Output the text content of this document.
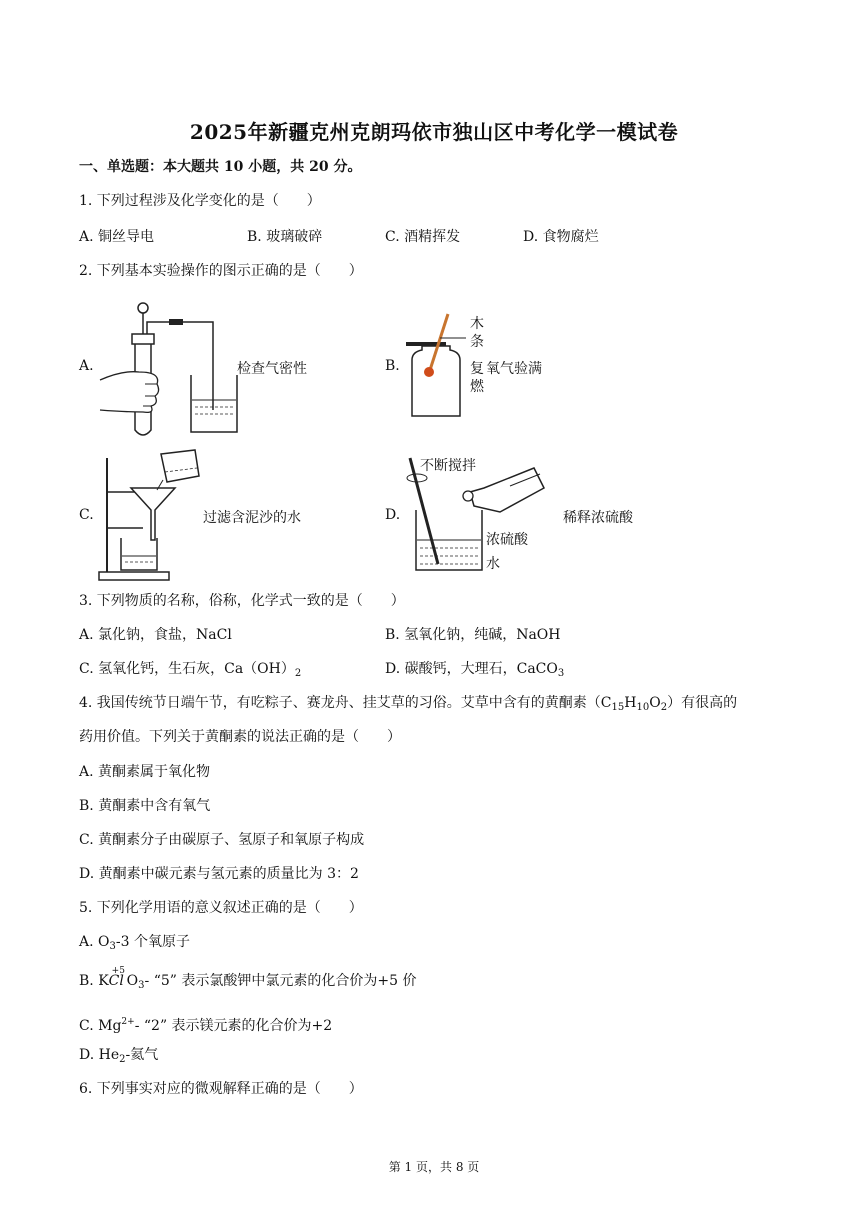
2025年新疆克州克朗玛依市独山区中考化学一模试卷
一、单选题：本大题共 10 小题，共 20 分。
1. 下列过程涉及化学变化的是（　　）
A. 铜丝导电	B. 玻璃破碎	C. 酒精挥发	D. 食物腐烂
2. 下列基本实验操作的图示正确的是（　　）
A.	检查气密性	B.
木
条
复
燃
氧气验满
C.	过滤含泥沙的水	D.
不断搅拌
稀释浓硫酸
浓硫酸
水
3. 下列物质的名称，俗称，化学式一致的是（　　）
A. 氯化钠，食盐，NaCl	B. 氢氧化钠，纯碱，NaOH
C. 氢氧化钙，生石灰，$Ca(OH)_2$	D. 碳酸钙，大理石，CaCO$_3$
4. 我国传统节日端午节，有吃粽子、赛龙舟、挂艾草的习俗。艾草中含有的黄酮素$(C_{15}H_{10}O_2)$有很高的
药用价值。下列关于黄酮素的说法正确的是（　　）
A. 黄酮素属于氧化物
B. 黄酮素中含有氧气
C. 黄酮素分子由碳原子、氢原子和氧原子构成
D. 黄酮素中碳元素与氢元素的质量比为 3：2
5. 下列化学用语的意义叙述正确的是（　　）
A. $O_3-3$ 个氧原子
B. K
+5
Cl $O_3-$ “5” 表示氯酸钾中氯元素的化合价为+5 价
C. $Mg^{2+}-$ “2” 表示镁元素的化合价为+2
D. $He_2-$氦气
6. 下列事实对应的微观解释正确的是（　　）
第 1 页，共 8 页
